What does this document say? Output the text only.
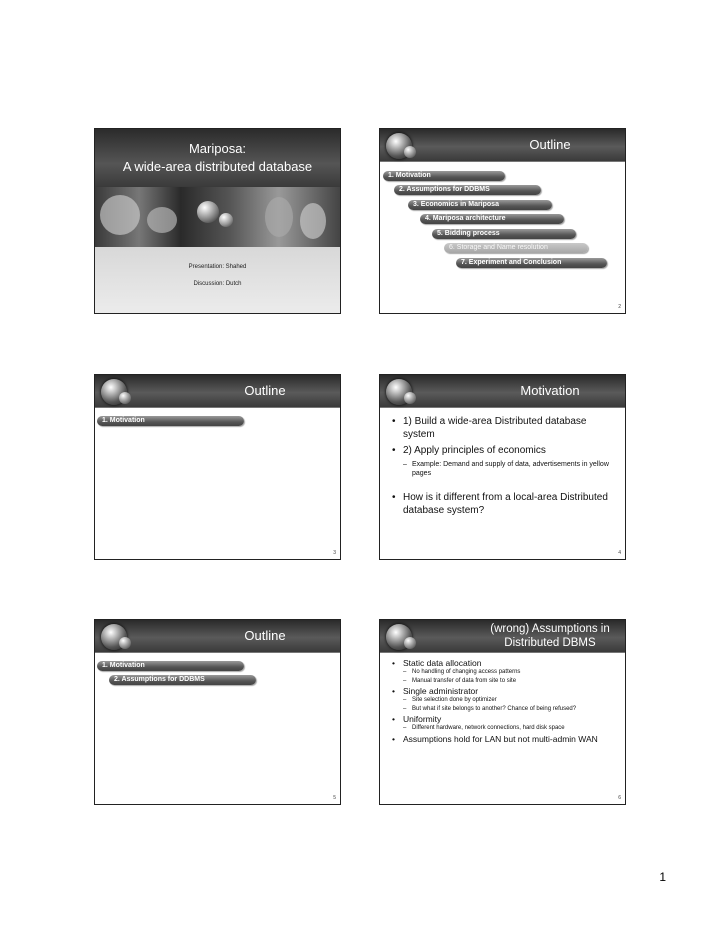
Mariposa:
A wide-area distributed database
Presentation: Shahed
Discussion: Dutch
Outline
1. Motivation
2. Assumptions for DDBMS
3. Economics in Mariposa
4. Mariposa architecture
5. Bidding process
6. Storage and Name resolution
7. Experiment and Conclusion
2
Outline
1. Motivation
3
Motivation
• 1) Build a wide-area Distributed database system
• 2) Apply principles of economics
– Example: Demand and supply of data, advertisements in yellow pages
• How is it different from a local-area Distributed database system?
4
Outline
1. Motivation
2. Assumptions for DDBMS
5
(wrong) Assumptions in
Distributed DBMS
• Static data allocation
– No handling of changing access patterns
– Manual transfer of data from site to site
• Single administrator
– Site selection done by optimizer
– But what if site belongs to another? Chance of being refused?
• Uniformity
– Different hardware, network connections, hard disk space
• Assumptions hold for LAN but not multi-admin WAN
6
1
